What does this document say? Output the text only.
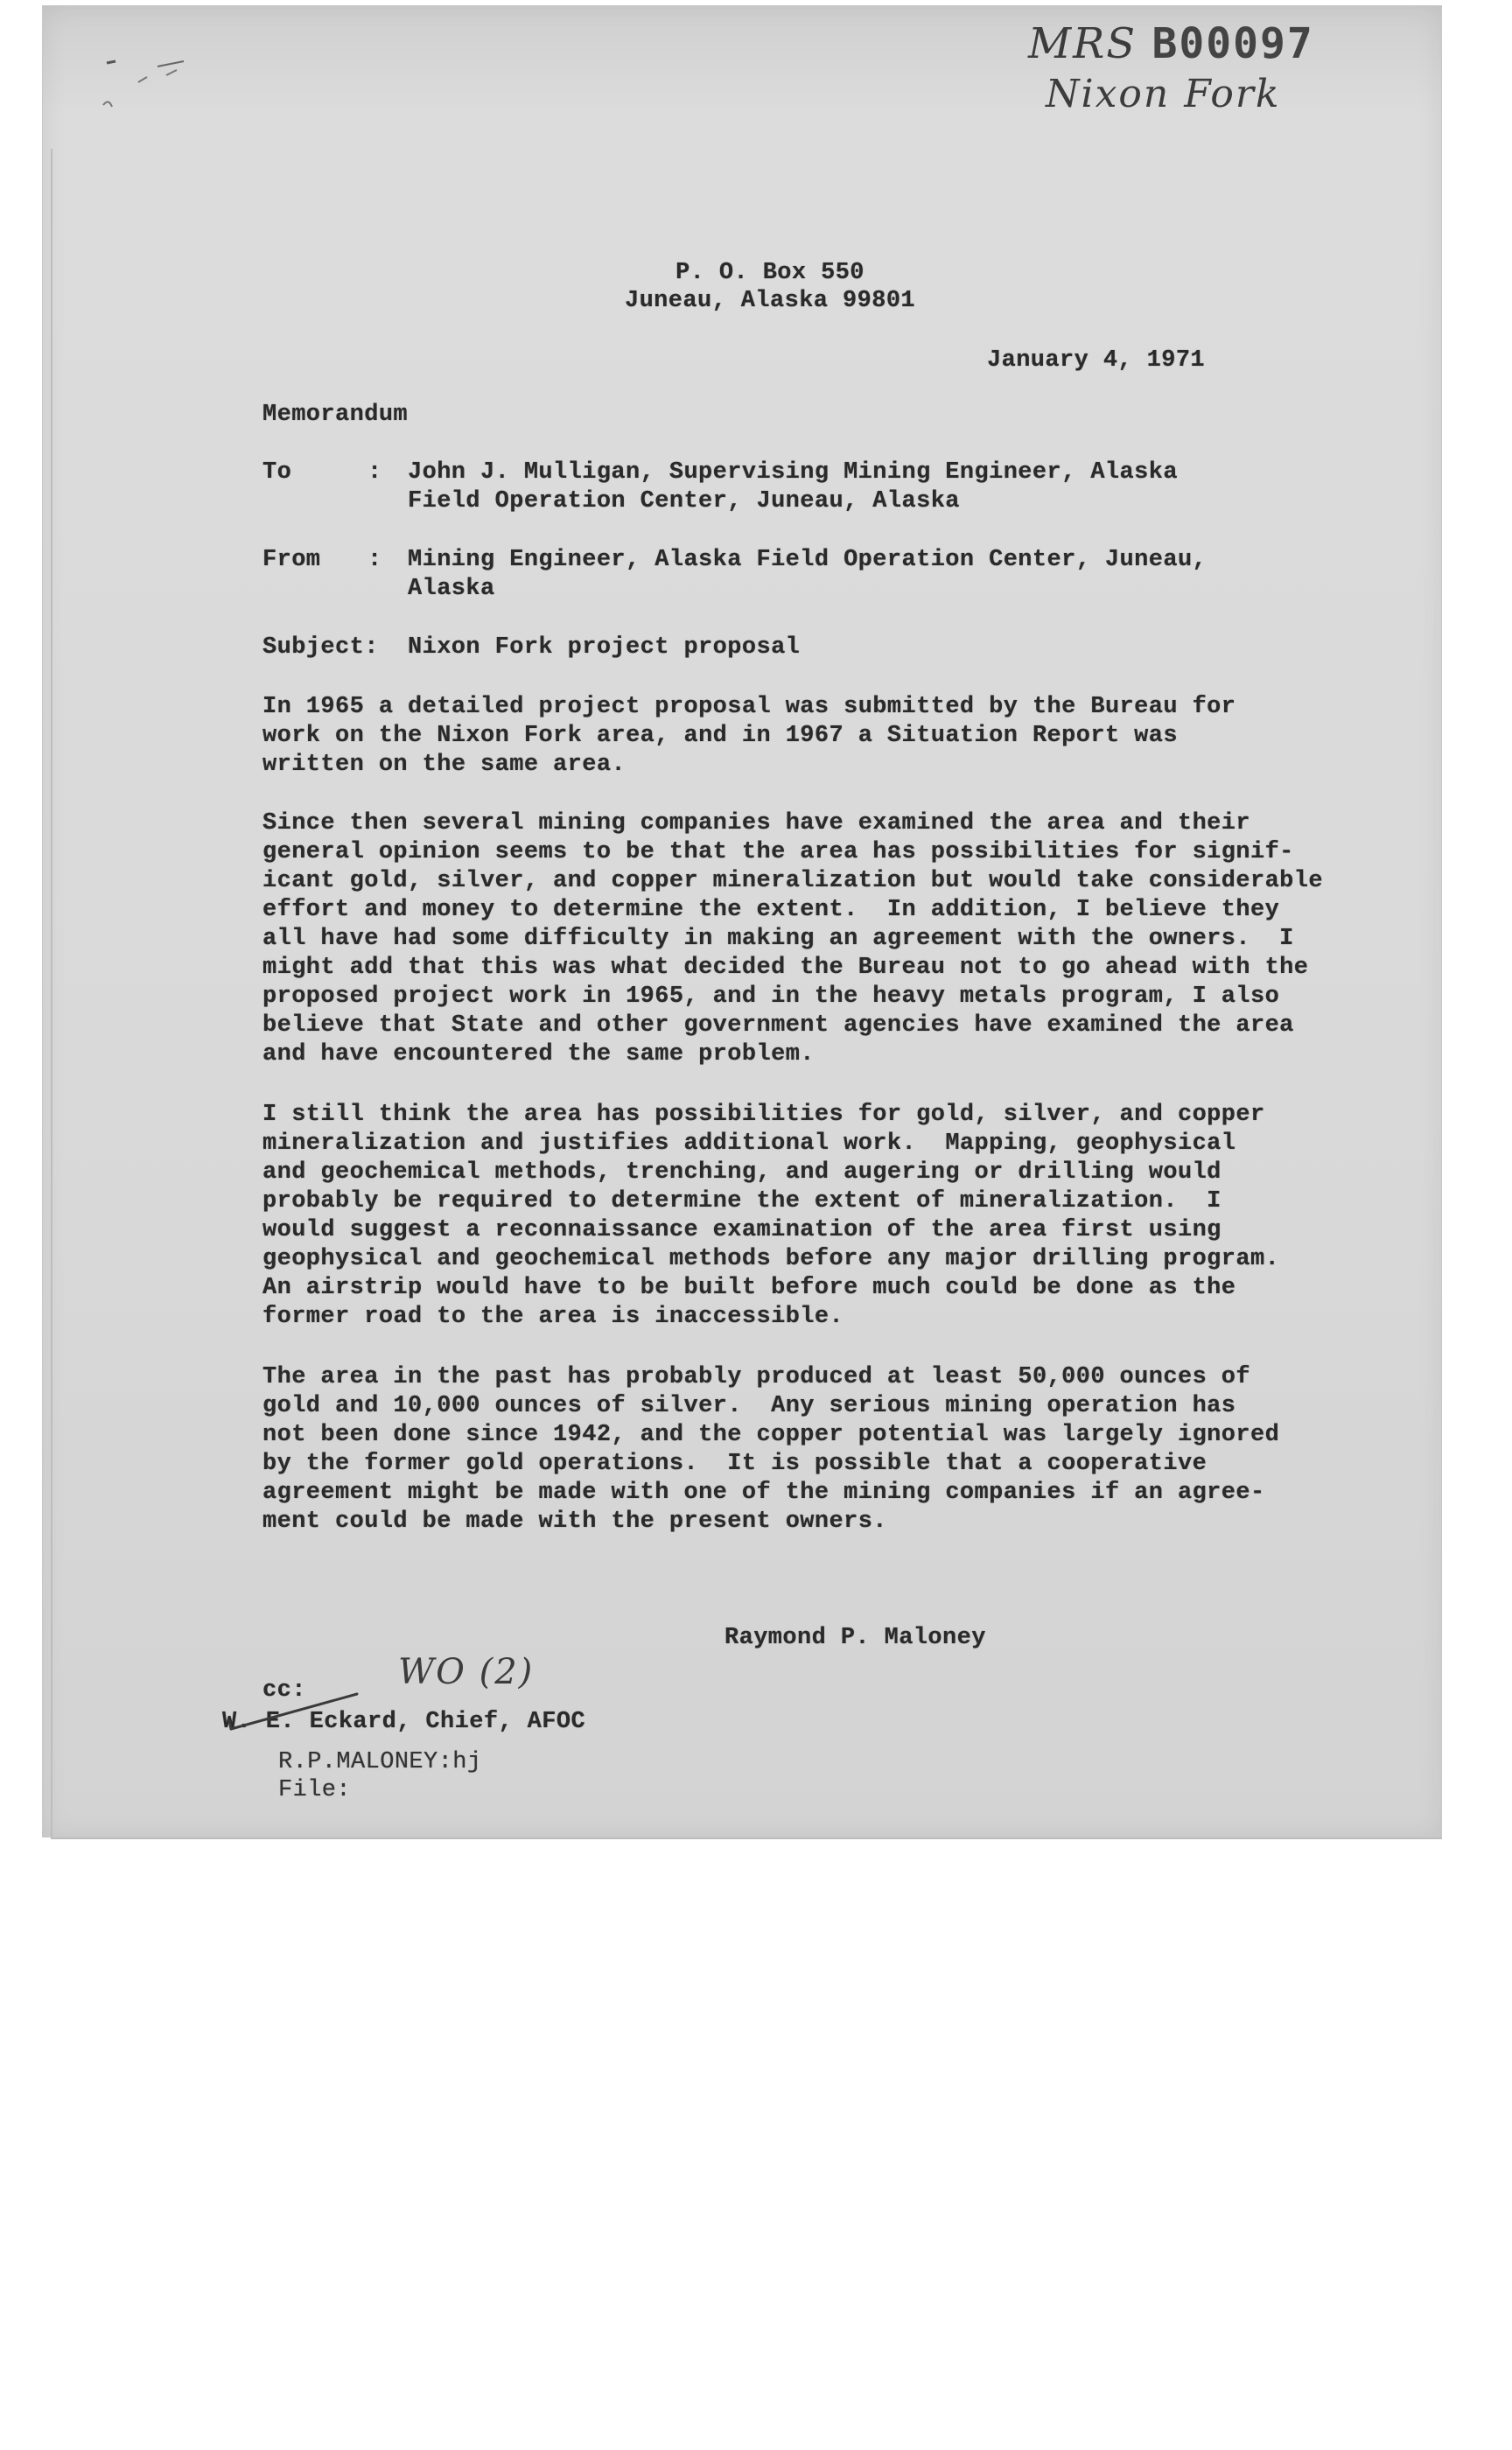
MRS B00097
Nixon Fork
P. O. Box 550
Juneau, Alaska 99801
January 4, 1971
Memorandum
To	: John J. Mulligan, Supervising Mining Engineer, Alaska
Field Operation Center, Juneau, Alaska
From : Mining Engineer, Alaska Field Operation Center, Juneau,
Alaska
Subject: Nixon Fork project proposal
In 1965 a detailed project proposal was submitted by the Bureau for
work on the Nixon Fork area, and in 1967 a Situation Report was
written on the same area.
Since then several mining companies have examined the area and their
general opinion seems to be that the area has possibilities for signif-
icant gold, silver, and copper mineralization but would take considerable
effort and money to determine the extent.  In addition, I believe they
all have had some difficulty in making an agreement with the owners.  I
might add that this was what decided the Bureau not to go ahead with the
proposed project work in 1965, and in the heavy metals program, I also
believe that State and other government agencies have examined the area
and have encountered the same problem.
I still think the area has possibilities for gold, silver, and copper
mineralization and justifies additional work.  Mapping, geophysical
and geochemical methods, trenching, and augering or drilling would
probably be required to determine the extent of mineralization.  I
would suggest a reconnaissance examination of the area first using
geophysical and geochemical methods before any major drilling program.
An airstrip would have to be built before much could be done as the
former road to the area is inaccessible.
The area in the past has probably produced at least 50,000 ounces of
gold and 10,000 ounces of silver.  Any serious mining operation has
not been done since 1942, and the copper potential was largely ignored
by the former gold operations.  It is possible that a cooperative
agreement might be made with one of the mining companies if an agree-
ment could be made with the present owners.
Raymond P. Maloney
WO (2)
cc:
W. E. Eckard, Chief, AFOC
R.P.MALONEY:hj
File:
